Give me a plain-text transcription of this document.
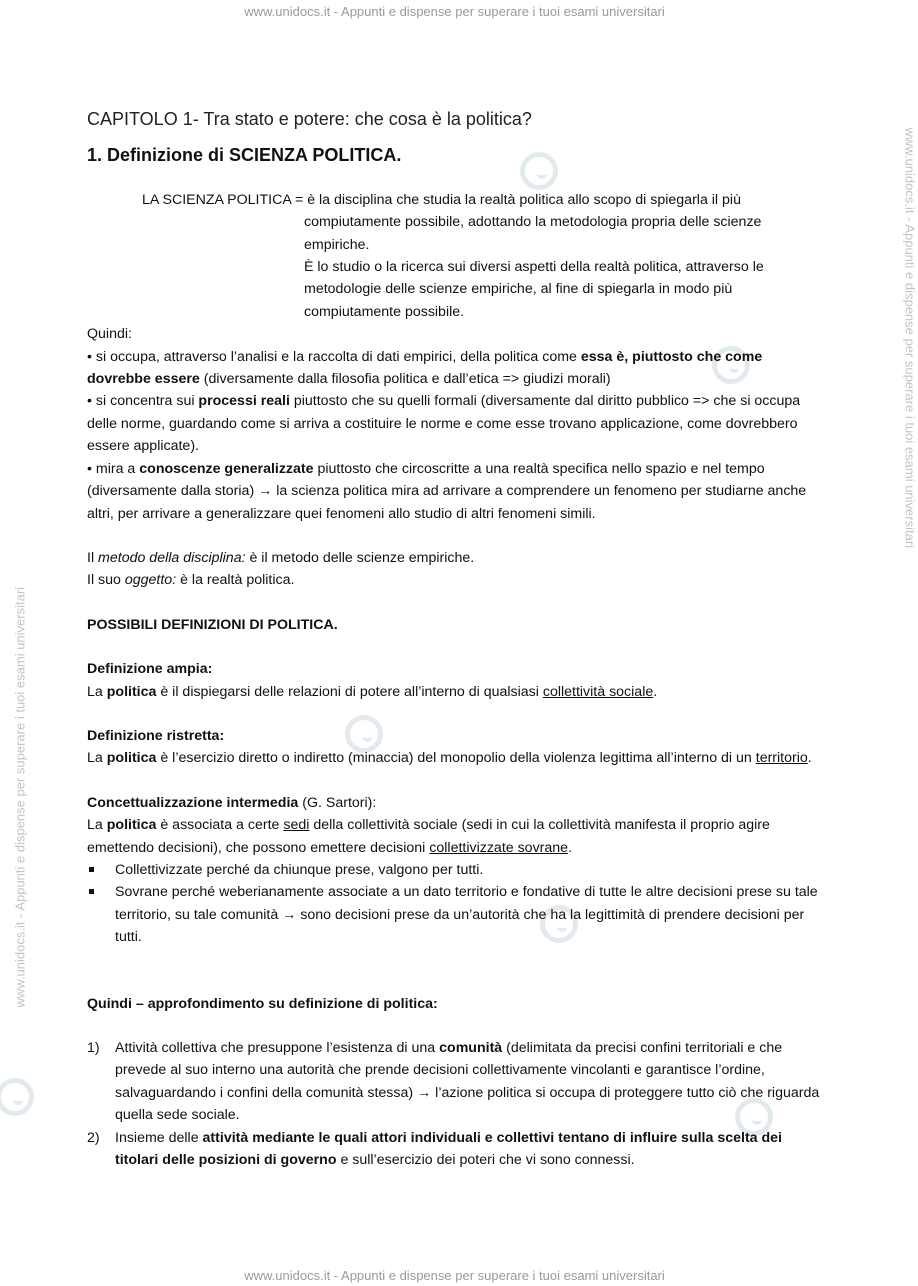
www.unidocs.it - Appunti e dispense per superare i tuoi esami universitari
www.unidocs.it - Appunti e dispense per superare i tuoi esami universitari
www.unidocs.it - Appunti e dispense per superare i tuoi esami universitari
www.unidocs.it - Appunti e dispense per superare i tuoi esami universitari
CAPITOLO 1- Tra stato e potere: che cosa è la politica?
1. Definizione di SCIENZA POLITICA.

LA SCIENZA POLITICA = è la disciplina che studia la realtà politica allo scopo di spiegarla il più

compiutamente possibile, adottando la metodologia propria delle scienze empiriche.

È lo studio o la ricerca sui diversi aspetti della realtà politica, attraverso le metodologie delle scienze empiriche, al fine di spiegarla in modo più compiutamente possibile.

Quindi:

• si occupa, attraverso l’analisi e la raccolta di dati empirici, della politica come essa è, piuttosto che come dovrebbe essere (diversamente dalla filosofia politica e dall’etica => giudizi morali)

• si concentra sui processi reali piuttosto che su quelli formali (diversamente dal diritto pubblico => che si occupa delle norme, guardando come si arriva a costituire le norme e come esse trovano applicazione, come dovrebbero essere applicate).

• mira a conoscenze generalizzate piuttosto che circoscritte a una realtà specifica nello spazio e nel tempo (diversamente dalla storia) → la scienza politica mira ad arrivare a comprendere un fenomeno per studiarne anche altri, per arrivare a generalizzare quei fenomeni allo studio di altri fenomeni simili.

Il metodo della disciplina: è il metodo delle scienze empiriche.

Il suo oggetto: è la realtà politica.

POSSIBILI DEFINIZIONI DI POLITICA.

Definizione ampia:

La politica è il dispiegarsi delle relazioni di potere all’interno di qualsiasi collettività sociale.

Definizione ristretta:

La politica è l’esercizio diretto o indiretto (minaccia) del monopolio della violenza legittima all’interno di un territorio.

Concettualizzazione intermedia (G. Sartori):

La politica è associata a certe sedi della collettività sociale (sedi in cui la collettività manifesta il proprio agire emettendo decisioni), che possono emettere decisioni collettivizzate sovrane.

Collettivizzate perché da chiunque prese, valgono per tutti.
Sovrane perché weberianamente associate a un dato territorio e fondative di tutte le altre decisioni prese su tale territorio, su tale comunità → sono decisioni prese da un’autorità che ha la legittimità di prendere decisioni per tutti.

Quindi – approfondimento su definizione di politica:

1) Attività collettiva che presuppone l’esistenza di una comunità (delimitata da precisi confini territoriali e che prevede al suo interno una autorità che prende decisioni collettivamente vincolanti e garantisce l’ordine, salvaguardando i confini della comunità stessa) → l’azione politica si occupa di proteggere tutto ciò che riguarda quella sede sociale.
2) Insieme delle attività mediante le quali attori individuali e collettivi tentano di influire sulla scelta dei titolari delle posizioni di governo e sull’esercizio dei poteri che vi sono connessi.
